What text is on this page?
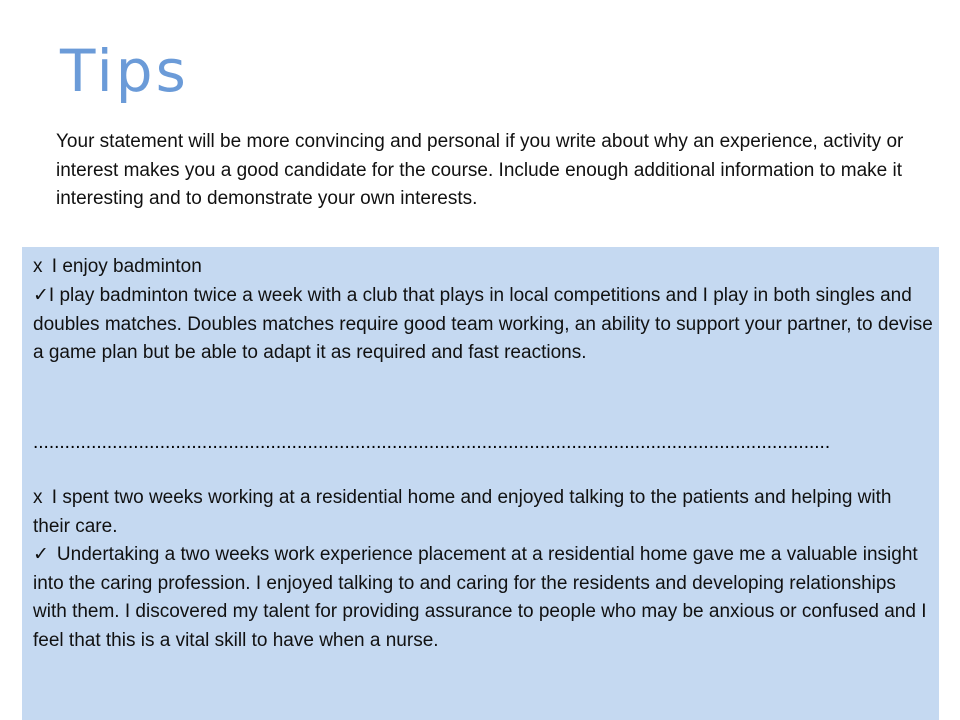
Tips
Your statement will be more convincing and personal if you write about why an experience, activity or interest makes you a good candidate for the course. Include enough additional information to make it interesting and to demonstrate your own interests.
x I enjoy badminton
✓I play badminton twice a week with a club that plays in local competitions and I play in both singles and doubles matches. Doubles matches require good team working, an ability to support your partner, to devise a game plan but be able to adapt it as required and fast reactions.
.......................................................................................................................................................
x I spent two weeks working at a residential home and enjoyed talking to the patients and helping with their care.
✓ Undertaking a two weeks work experience placement at a residential home gave me a valuable insight into the caring profession. I enjoyed talking to and caring for the residents and developing relationships with them. I discovered my talent for providing assurance to people who may be anxious or confused and I feel that this is a vital skill to have when a nurse.
